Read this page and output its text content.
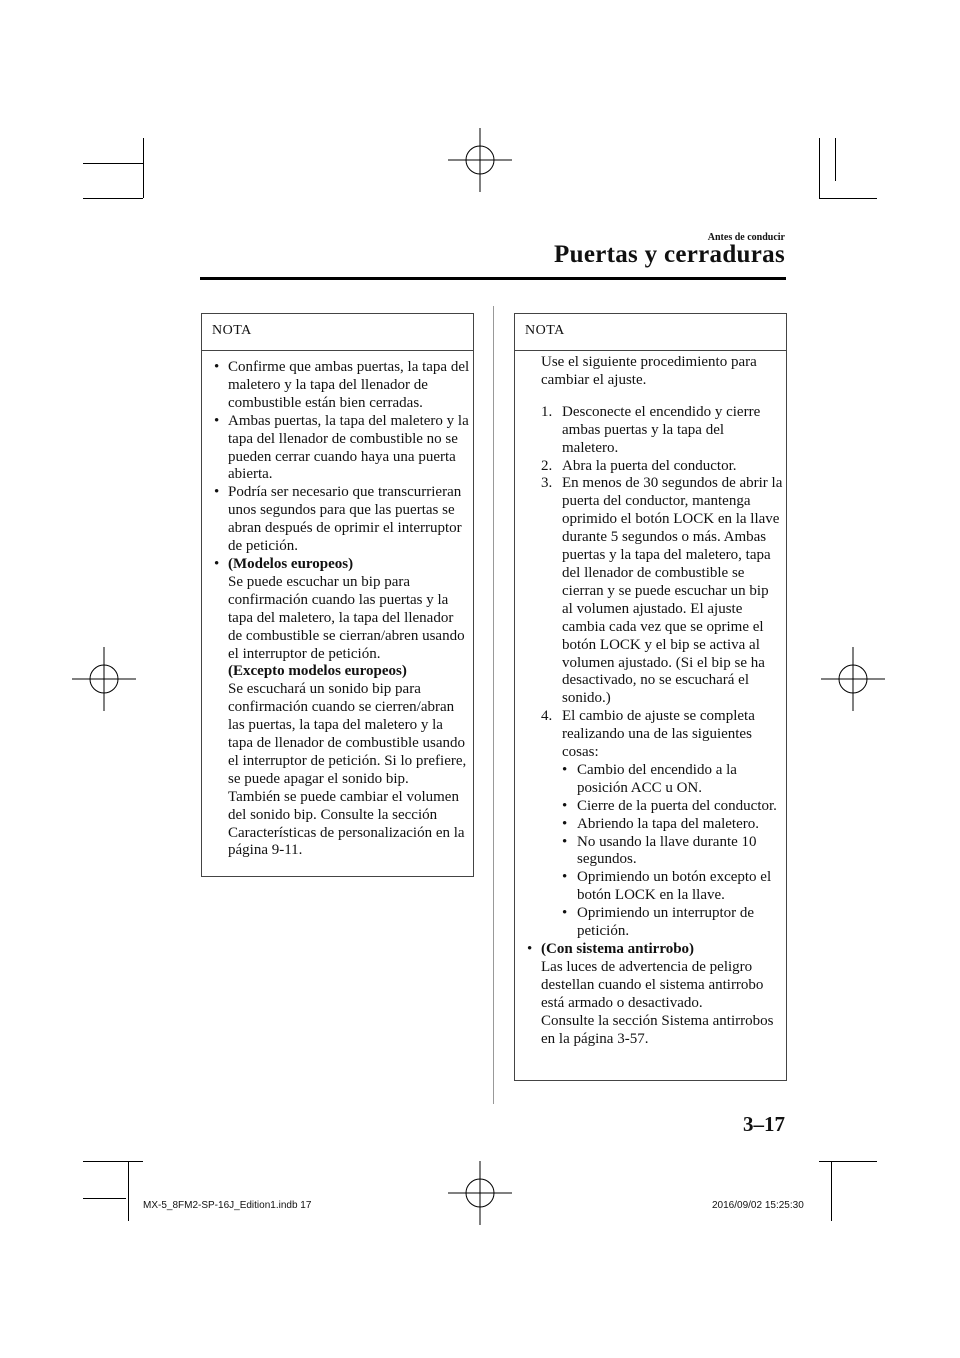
Antes de conducir
Puertas y cerraduras
NOTA
• Confirme que ambas puertas, la tapa del maletero y la tapa del llenador de combustible están bien cerradas.
• Ambas puertas, la tapa del maletero y la tapa del llenador de combustible no se pueden cerrar cuando haya una puerta abierta.
• Podría ser necesario que transcurrieran unos segundos para que las puertas se abran después de oprimir el interruptor de petición.
• (Modelos europeos)
Se puede escuchar un bip para confirmación cuando las puertas y la tapa del maletero, la tapa del llenador de combustible se cierran/abren usando el interruptor de petición.
(Excepto modelos europeos)
Se escuchará un sonido bip para confirmación cuando se cierren/abran las puertas, la tapa del maletero y la tapa de llenador de combustible usando el interruptor de petición. Si lo prefiere, se puede apagar el sonido bip.
También se puede cambiar el volumen del sonido bip. Consulte la sección Características de personalización en la página 9-11.
NOTA
Use el siguiente procedimiento para cambiar el ajuste.
1. Desconecte el encendido y cierre ambas puertas y la tapa del maletero.
2. Abra la puerta del conductor.
3. En menos de 30 segundos de abrir la puerta del conductor, mantenga oprimido el botón LOCK en la llave durante 5 segundos o más. Ambas puertas y la tapa del maletero, tapa del llenador de combustible se cierran y se puede escuchar un bip al volumen ajustado. El ajuste cambia cada vez que se oprime el botón LOCK y el bip se activa al volumen ajustado. (Si el bip se ha desactivado, no se escuchará el sonido.)
4. El cambio de ajuste se completa realizando una de las siguientes cosas:
• Cambio del encendido a la posición ACC u ON.
• Cierre de la puerta del conductor.
• Abriendo la tapa del maletero.
• No usando la llave durante 10 segundos.
• Oprimiendo un botón excepto el botón LOCK en la llave.
• Oprimiendo un interruptor de petición.
• (Con sistema antirrobo)
Las luces de advertencia de peligro destellan cuando el sistema antirrobo está armado o desactivado.
Consulte la sección Sistema antirrobos en la página 3-57.
3–17
MX-5_8FM2-SP-16J_Edition1.indb 17	2016/09/02 15:25:30
